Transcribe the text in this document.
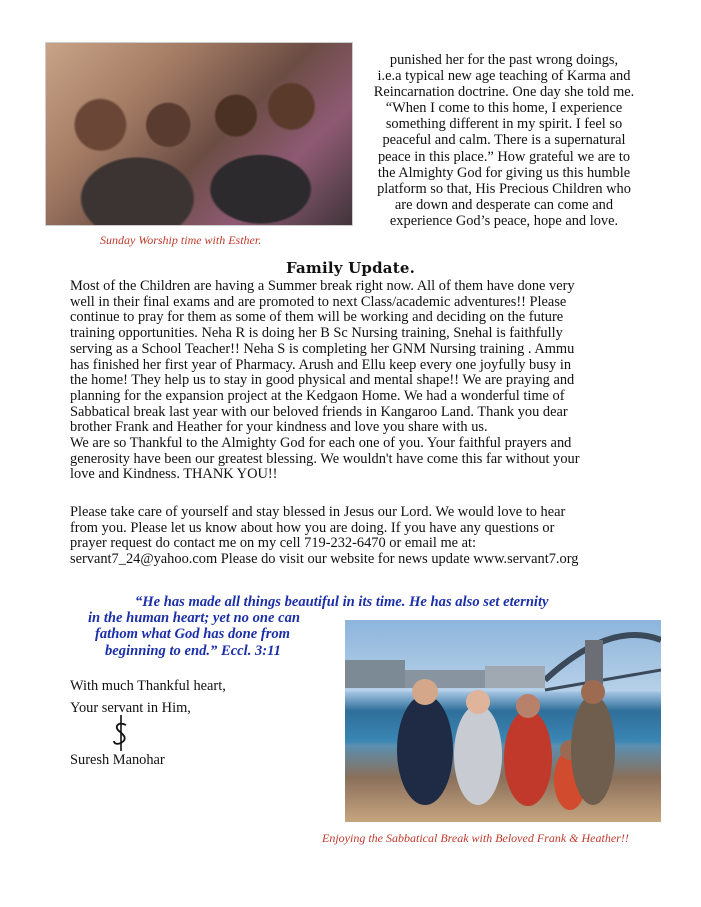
Sunday Worship time with Esther.
punished her for the past wrong doings,
i.e.a typical new age teaching of Karma and
Reincarnation doctrine. One day she told me.
“When I come to this home, I experience
something different in my spirit. I feel so
peaceful and calm. There is a supernatural
peace in this place.” How grateful we are to
the Almighty God for giving us this humble
platform so that, His Precious Children who
are down and desperate can come and
experience God’s peace, hope and love.
Family Update.
Most of the Children are having a Summer break right now. All of them have done very
well in their final exams and are promoted to next Class/academic adventures!! Please
continue to pray for them as some of them will be working and deciding on the future
training opportunities. Neha R is doing her B Sc Nursing training, Snehal is faithfully
serving as a School Teacher!! Neha S is completing her GNM Nursing training . Ammu
has finished her first year of Pharmacy. Arush and Ellu keep every one joyfully busy in
the home! They help us to stay in good physical and mental shape!! We are praying and
planning for the expansion project at the Kedgaon Home. We had a wonderful time of
Sabbatical break last year with our beloved friends in Kangaroo Land. Thank you dear
brother Frank and Heather for your kindness and love you share with us.
We are so Thankful to the Almighty God for each one of you. Your faithful prayers and
generosity have been our greatest blessing. We wouldn't have come this far without your
love and Kindness. THANK YOU!!
Please take care of yourself and stay blessed in Jesus our Lord. We would love to hear
from you. Please let us know about how you are doing. If you have any questions or
prayer request do contact me on my cell 719-232-6470 or email me at:
servant7_24@yahoo.com Please do visit our website for news update www.servant7.org
“He has made all things beautiful in its time. He has also set eternity
in the human heart; yet no one can
fathom what God has done from
beginning to end.” Eccl. 3:11
With much Thankful heart,
Your servant in Him,
Suresh Manohar
Enjoying the Sabbatical Break with Beloved Frank & Heather!!
